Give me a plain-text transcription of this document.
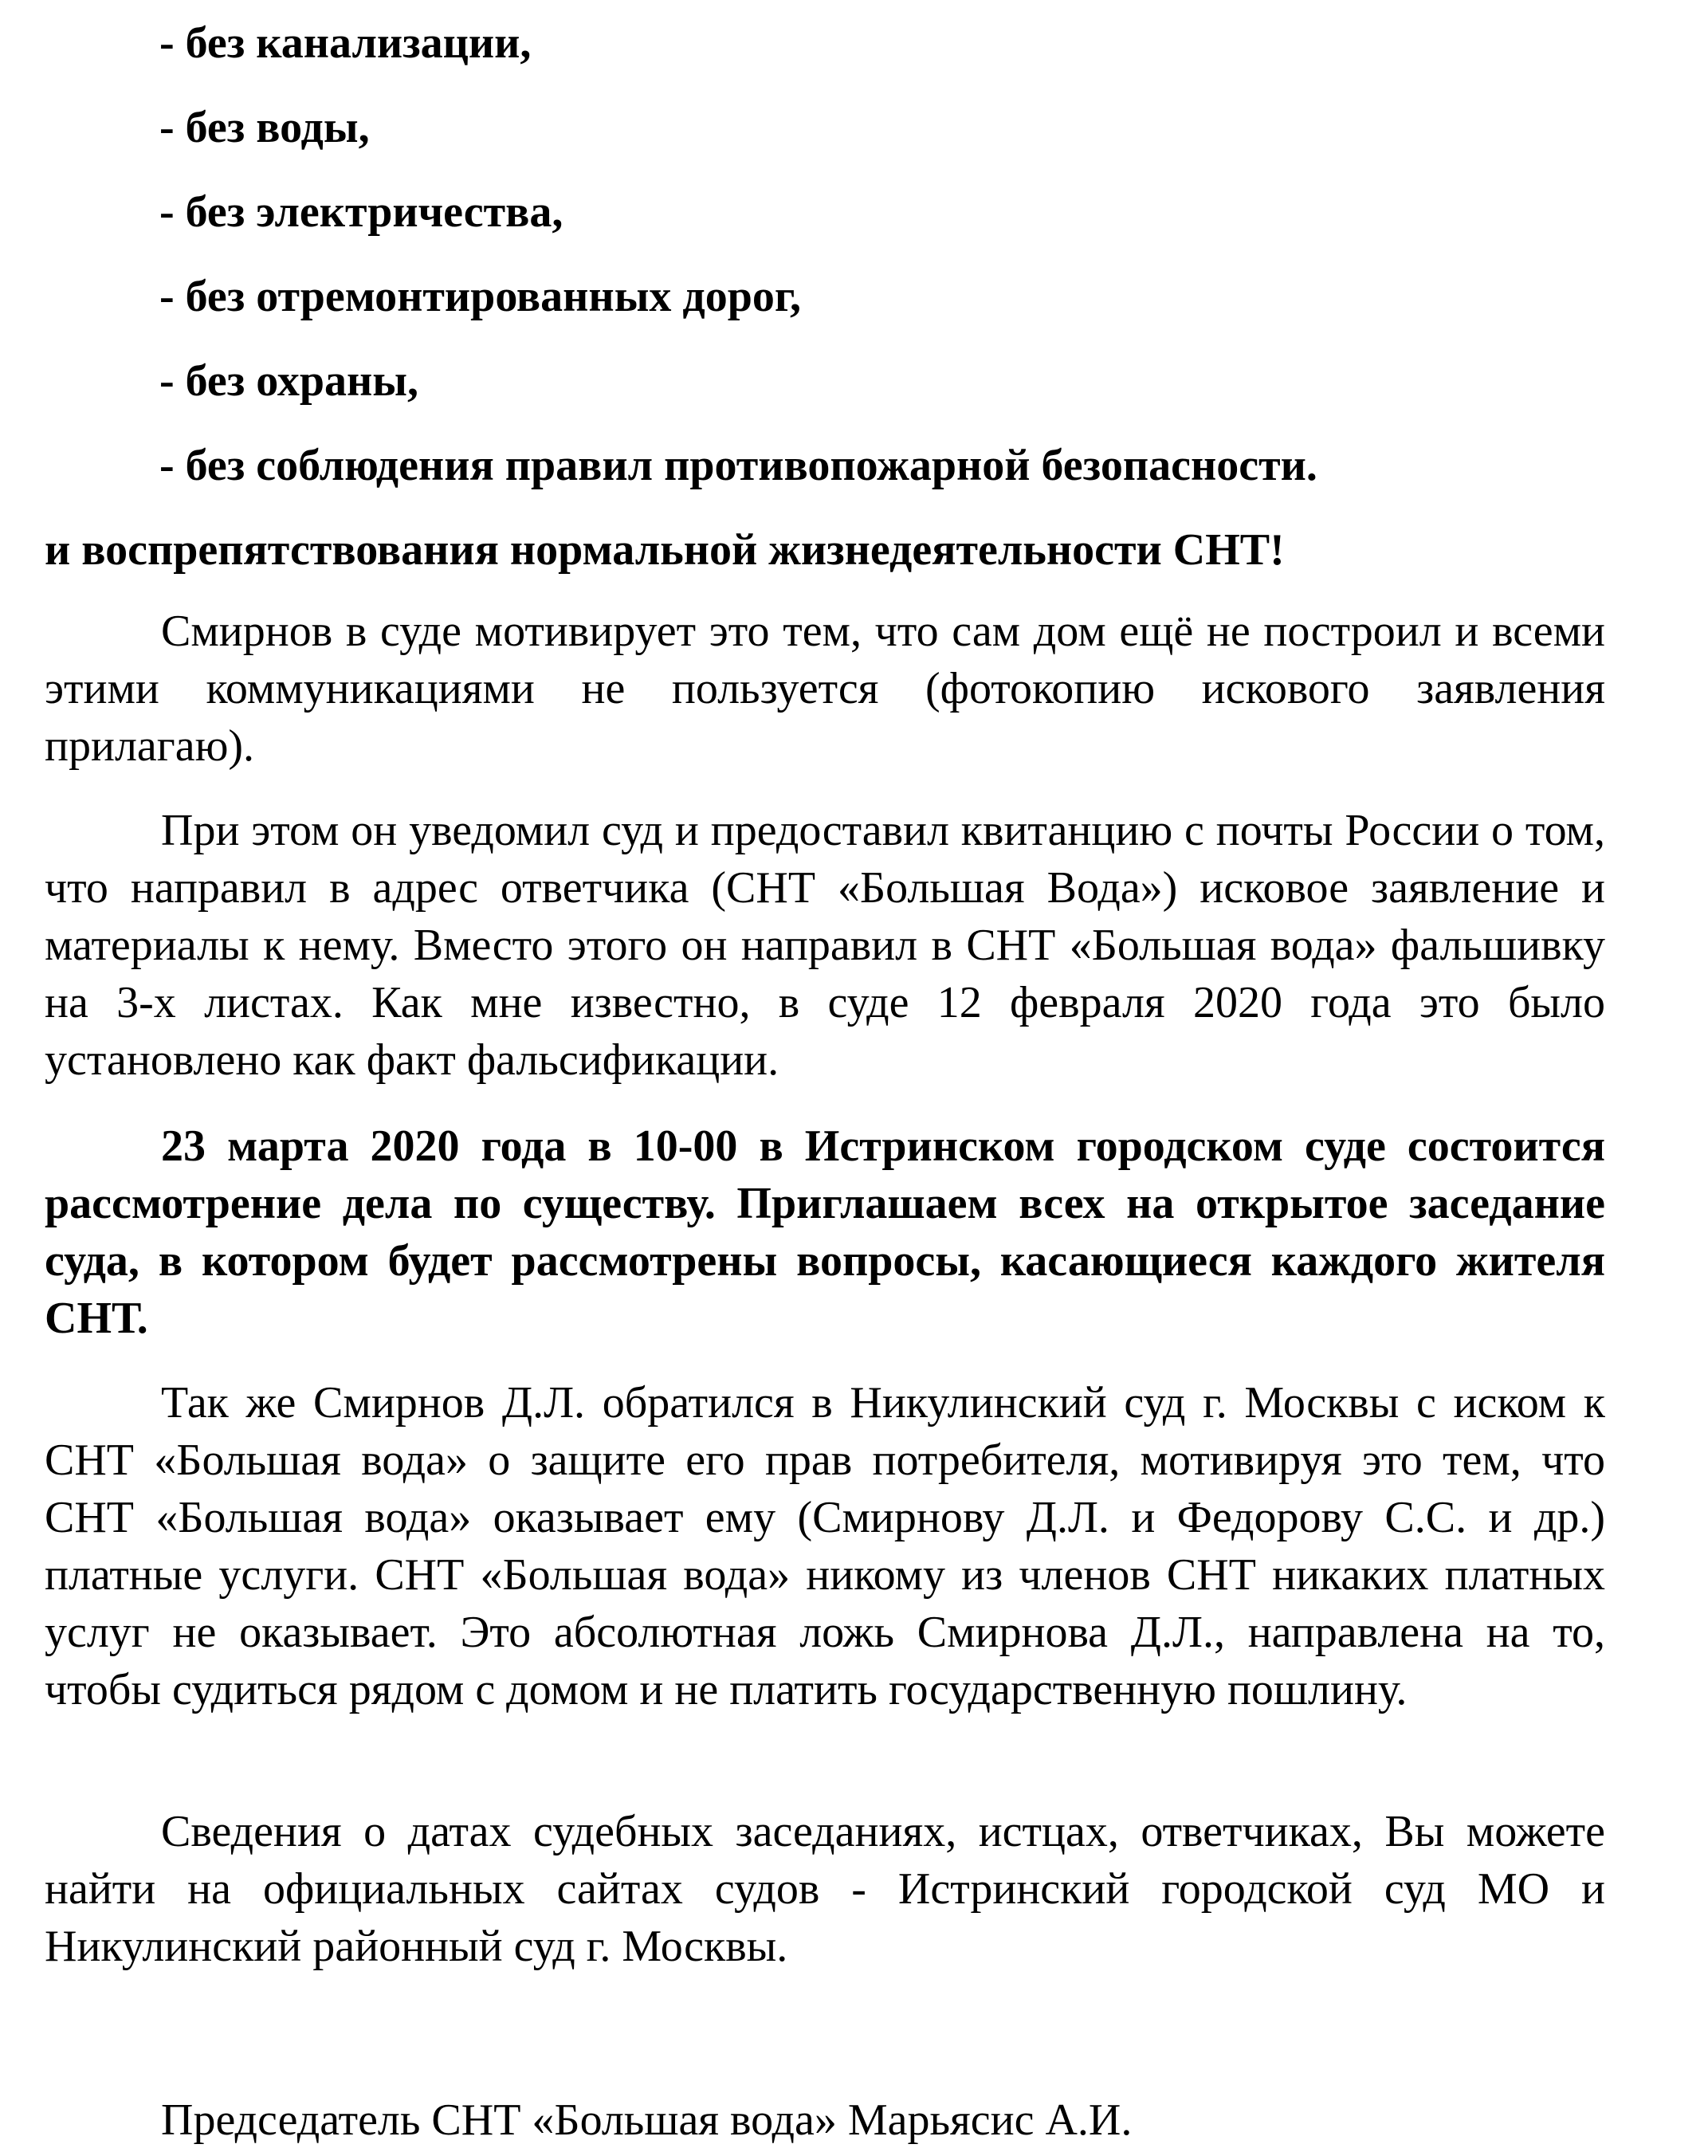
- без канализации,
- без воды,
- без электричества,
- без отремонтированных дорог,
- без охраны,
- без соблюдения правил противопожарной безопасности.
и воспрепятствования нормальной жизнедеятельности СНТ!

Смирнов в суде мотивирует это тем, что сам дом ещё не построил и всеми этими коммуникациями не пользуется (фотокопию искового заявления прилагаю).

При этом он уведомил суд и предоставил квитанцию с почты России о том, что направил в адрес ответчика (СНТ «Большая Вода») исковое заявление и материалы к нему. Вместо этого он направил в СНТ «Большая вода» фальшивку на 3-х листах. Как мне известно, в суде 12 февраля 2020 года это было установлено как факт фальсификации.

23 марта 2020 года в 10-00 в Истринском городском суде состоится рассмотрение дела по существу. Приглашаем всех на открытое заседание суда, в котором будет рассмотрены вопросы, касающиеся каждого жителя СНТ.

Так же Смирнов Д.Л. обратился в Никулинский суд г. Москвы с иском к СНТ «Большая вода» о защите его прав потребителя, мотивируя это тем, что СНТ «Большая вода» оказывает ему (Смирнову Д.Л. и Федорову С.С. и др.) платные услуги. СНТ «Большая вода» никому из членов СНТ никаких платных услуг не оказывает. Это абсолютная ложь Смирнова Д.Л., направлена на то, чтобы судиться рядом с домом и не платить государственную пошлину.

Сведения о датах судебных заседаниях, истцах, ответчиках, Вы можете найти на официальных сайтах судов - Истринский городской суд МО и Никулинский районный суд г. Москвы.

Председатель СНТ «Большая вода» Марьясис А.И.
